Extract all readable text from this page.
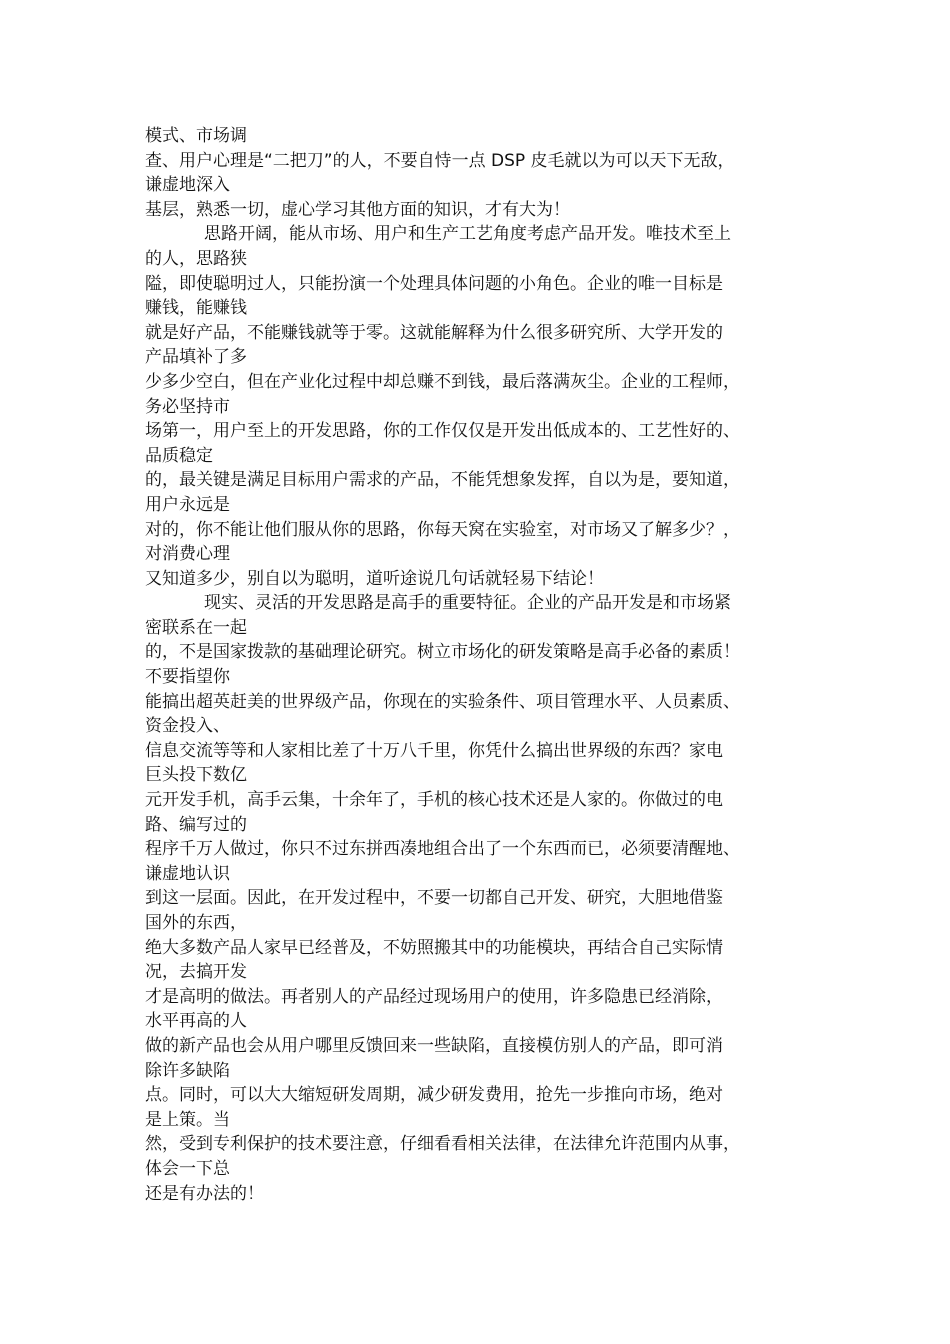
模式、市场调
查、用户心理是“二把刀”的人，不要自恃一点 DSP 皮毛就以为可以天下无敌，
谦虚地深入
基层，熟悉一切，虚心学习其他方面的知识，才有大为！
思路开阔，能从市场、用户和生产工艺角度考虑产品开发。唯技术至上
的人，思路狭
隘，即使聪明过人，只能扮演一个处理具体问题的小角色。企业的唯一目标是
赚钱，能赚钱
就是好产品，不能赚钱就等于零。这就能解释为什么很多研究所、大学开发的
产品填补了多
少多少空白，但在产业化过程中却总赚不到钱，最后落满灰尘。企业的工程师，
务必坚持市
场第一，用户至上的开发思路，你的工作仅仅是开发出低成本的、工艺性好的、
品质稳定
的，最关键是满足目标用户需求的产品，不能凭想象发挥，自以为是，要知道，
用户永远是
对的，你不能让他们服从你的思路，你每天窝在实验室，对市场又了解多少？，
对消费心理
又知道多少，别自以为聪明，道听途说几句话就轻易下结论！
现实、灵活的开发思路是高手的重要特征。企业的产品开发是和市场紧
密联系在一起
的，不是国家拨款的基础理论研究。树立市场化的研发策略是高手必备的素质！
不要指望你
能搞出超英赶美的世界级产品，你现在的实验条件、项目管理水平、人员素质、
资金投入、
信息交流等等和人家相比差了十万八千里，你凭什么搞出世界级的东西？家电
巨头投下数亿
元开发手机，高手云集，十余年了，手机的核心技术还是人家的。你做过的电
路、编写过的
程序千万人做过，你只不过东拼西凑地组合出了一个东西而已，必须要清醒地、
谦虚地认识
到这一层面。因此，在开发过程中，不要一切都自己开发、研究，大胆地借鉴
国外的东西，
绝大多数产品人家早已经普及，不妨照搬其中的功能模块，再结合自己实际情
况，去搞开发
才是高明的做法。再者别人的产品经过现场用户的使用，许多隐患已经消除，
水平再高的人
做的新产品也会从用户哪里反馈回来一些缺陷，直接模仿别人的产品，即可消
除许多缺陷
点。同时，可以大大缩短研发周期，减少研发费用，抢先一步推向市场，绝对
是上策。当
然，受到专利保护的技术要注意，仔细看看相关法律，在法律允许范围内从事，
体会一下总
还是有办法的！
